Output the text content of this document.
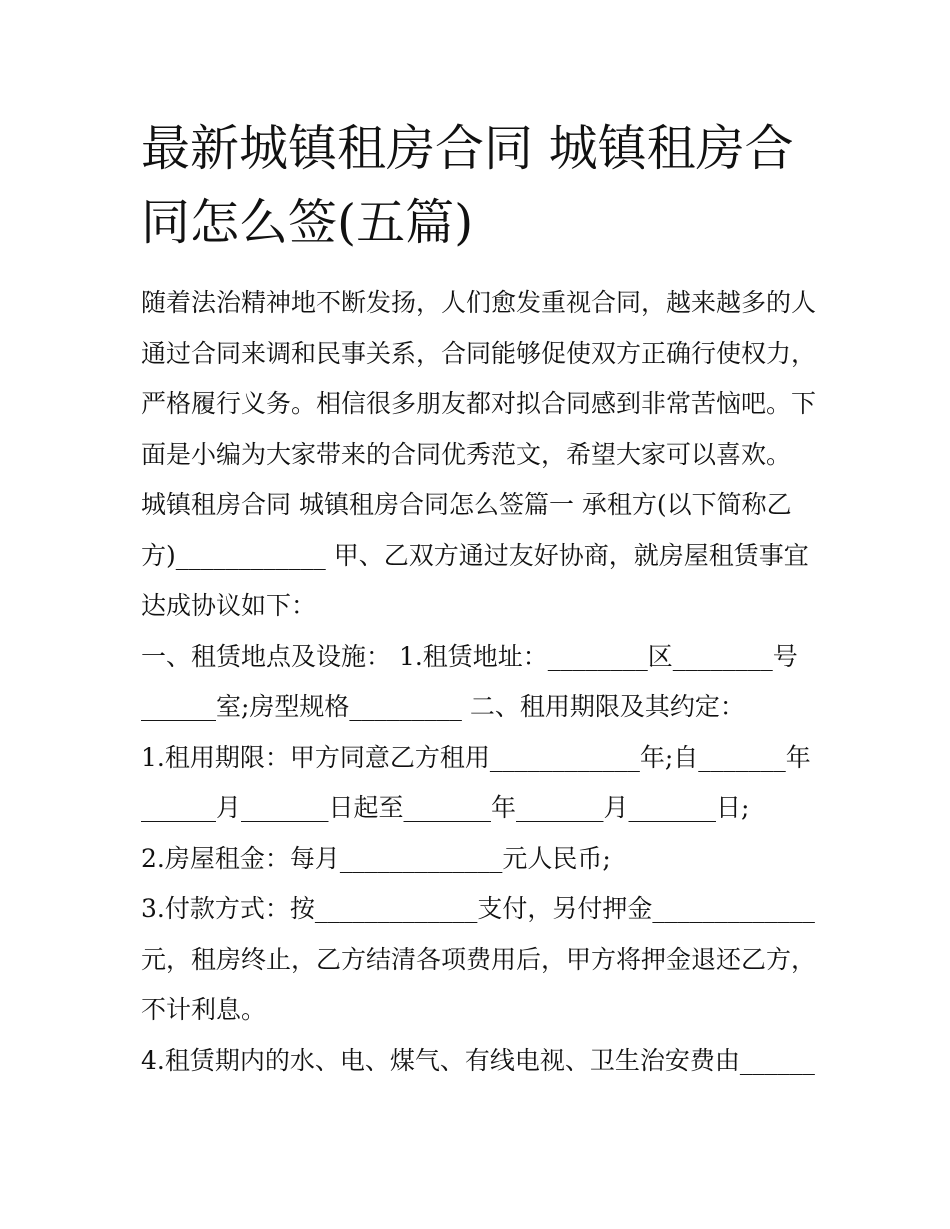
最新城镇租房合同 城镇租房合
同怎么签(五篇)
随着法治精神地不断发扬，人们愈发重视合同，越来越多的人
通过合同来调和民事关系，合同能够促使双方正确行使权力，
严格履行义务。相信很多朋友都对拟合同感到非常苦恼吧。下
面是小编为大家带来的合同优秀范文，希望大家可以喜欢。
城镇租房合同 城镇租房合同怎么签篇一 承租方(以下简称乙
方)____________ 甲、乙双方通过友好协商，就房屋租赁事宜
达成协议如下：
一、租赁地点及设施： 1.租赁地址：________区________号
______室;房型规格_________ 二、租用期限及其约定：
1.租用期限：甲方同意乙方租用____________年;自_______年
______月_______日起至_______年_______月_______日;
2.房屋租金：每月_____________元人民币;
3.付款方式：按_____________支付，另付押金_____________
元，租房终止，乙方结清各项费用后，甲方将押金退还乙方，
不计利息。
4.租赁期内的水、电、煤气、有线电视、卫生治安费由______
